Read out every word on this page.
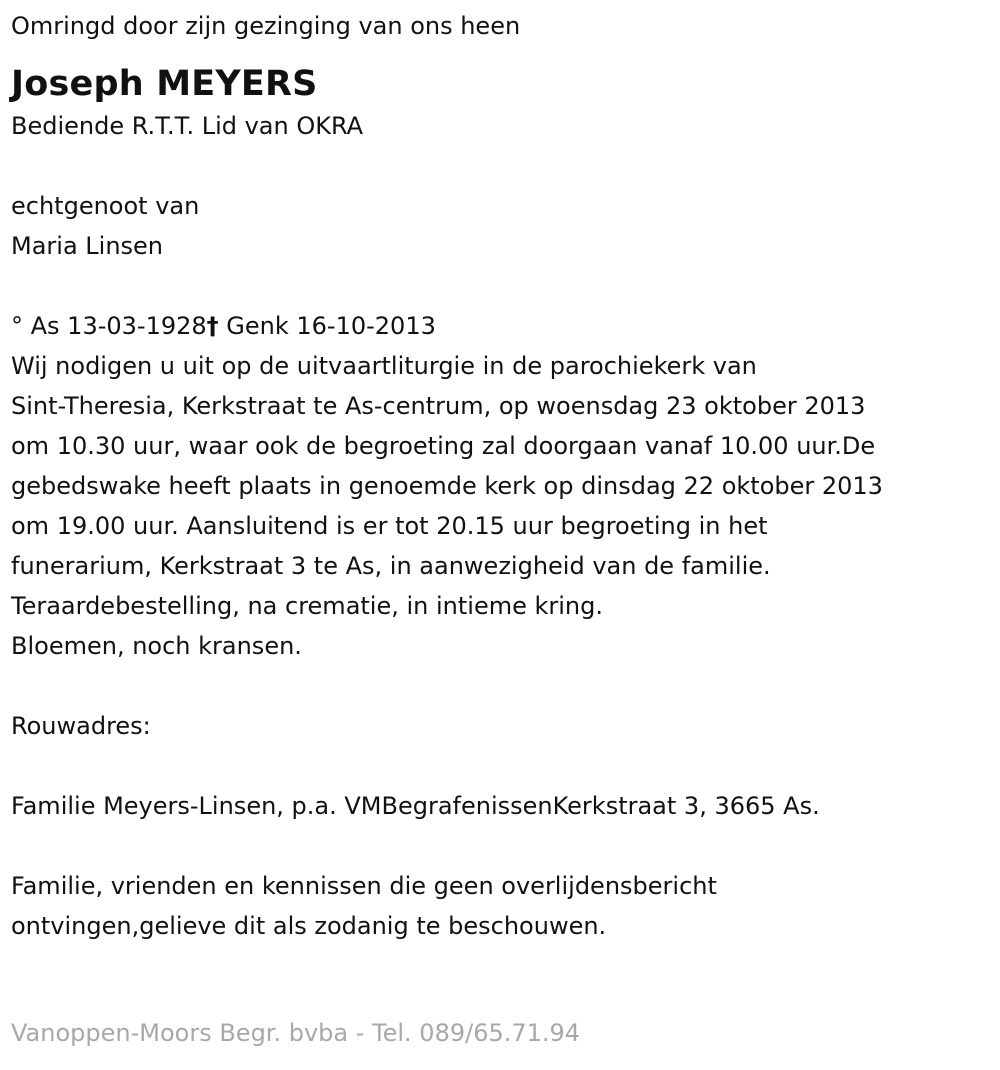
Omringd door zijn gezinging van ons heen

Joseph MEYERS

Bediende R.T.T. Lid van OKRA

echtgenoot van

Maria Linsen

° As 13-03-1928† Genk 16-10-2013

Wij nodigen u uit op de uitvaartliturgie in de parochiekerk van

Sint-Theresia, Kerkstraat te As-centrum, op woensdag 23 oktober 2013

om 10.30 uur, waar ook de begroeting zal doorgaan vanaf 10.00 uur.De

gebedswake heeft plaats in genoemde kerk op dinsdag 22 oktober 2013

om 19.00 uur. Aansluitend is er tot 20.15 uur begroeting in het

funerarium, Kerkstraat 3 te As, in aanwezigheid van de familie.

Teraardebestelling, na crematie, in intieme kring.

Bloemen, noch kransen.

Rouwadres:

Familie Meyers-Linsen, p.a. VMBegrafenissenKerkstraat 3, 3665 As.

Familie, vrienden en kennissen die geen overlijdensbericht

ontvingen,gelieve dit als zodanig te beschouwen.

Vanoppen-Moors Begr. bvba - Tel. 089/65.71.94
